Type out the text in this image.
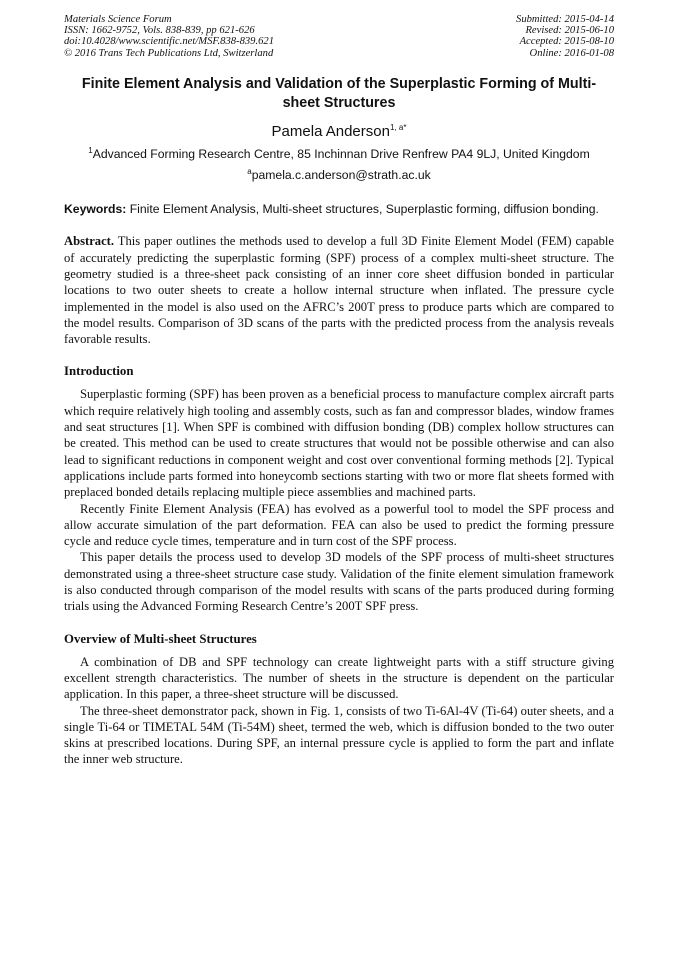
Materials Science Forum
ISSN: 1662-9752, Vols. 838-839, pp 621-626
doi:10.4028/www.scientific.net/MSF.838-839.621
© 2016 Trans Tech Publications Ltd, Switzerland
Submitted: 2015-04-14
Revised: 2015-06-10
Accepted: 2015-08-10
Online: 2016-01-08
Finite Element Analysis and Validation of the Superplastic Forming of Multi-sheet Structures
Pamela Anderson$^{1, a*}$
$^1$Advanced Forming Research Centre, 85 Inchinnan Drive Renfrew PA4 9LJ, United Kingdom
$^a$pamela.c.anderson@strath.ac.uk
Keywords: Finite Element Analysis, Multi-sheet structures, Superplastic forming, diffusion bonding.
Abstract. This paper outlines the methods used to develop a full 3D Finite Element Model (FEM) capable of accurately predicting the superplastic forming (SPF) process of a complex multi-sheet structure. The geometry studied is a three-sheet pack consisting of an inner core sheet diffusion bonded in particular locations to two outer sheets to create a hollow internal structure when inflated. The pressure cycle implemented in the model is also used on the AFRC’s 200T press to produce parts which are compared to the model results. Comparison of 3D scans of the parts with the predicted process from the analysis reveals favorable results.
Introduction

Superplastic forming (SPF) has been proven as a beneficial process to manufacture complex aircraft parts which require relatively high tooling and assembly costs, such as fan and compressor blades, window frames and seat structures [1]. When SPF is combined with diffusion bonding (DB) complex hollow structures can be created. This method can be used to create structures that would not be possible otherwise and can also lead to significant reductions in component weight and cost over conventional forming methods [2]. Typical applications include parts formed into honeycomb sections starting with two or more flat sheets formed with preplaced bonded details replacing multiple piece assemblies and machined parts.

Recently Finite Element Analysis (FEA) has evolved as a powerful tool to model the SPF process and allow accurate simulation of the part deformation. FEA can also be used to predict the forming pressure cycle and reduce cycle times, temperature and in turn cost of the SPF process.

This paper details the process used to develop 3D models of the SPF process of multi-sheet structures demonstrated using a three-sheet structure case study. Validation of the finite element simulation framework is also conducted through comparison of the model results with scans of the parts produced during forming trials using the Advanced Forming Research Centre’s 200T SPF press.

Overview of Multi-sheet Structures

A combination of DB and SPF technology can create lightweight parts with a stiff structure giving excellent strength characteristics. The number of sheets in the structure is dependent on the particular application. In this paper, a three-sheet structure will be discussed.

The three-sheet demonstrator pack, shown in Fig. 1, consists of two Ti-6Al-4V (Ti-64) outer sheets, and a single Ti-64 or TIMETAL 54M (Ti-54M) sheet, termed the web, which is diffusion bonded to the two outer skins at prescribed locations. During SPF, an internal pressure cycle is applied to form the part and inflate the inner web structure.
